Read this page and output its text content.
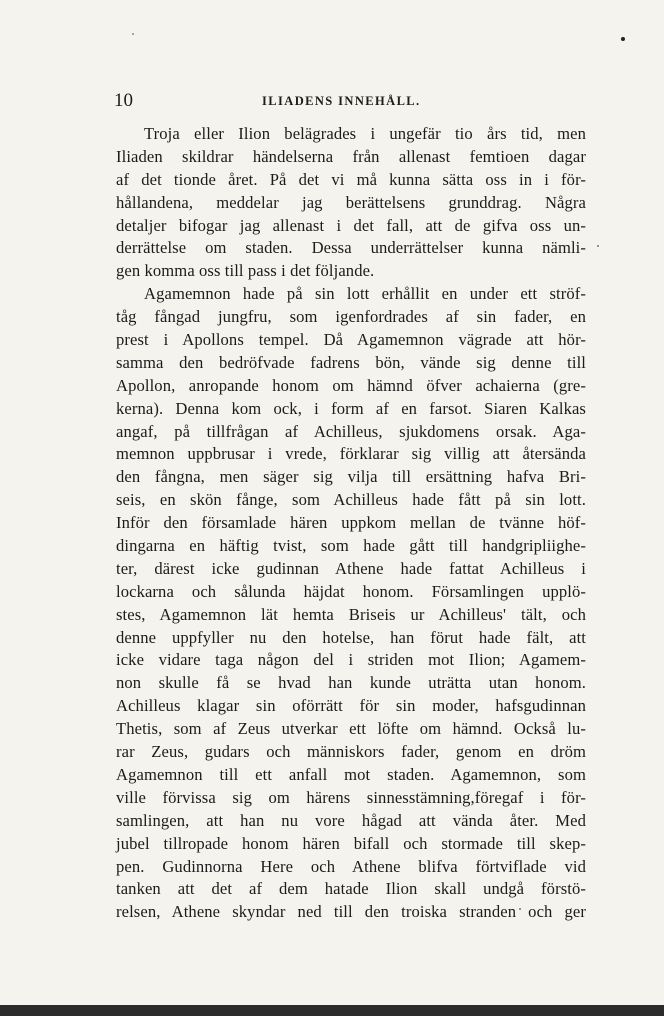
10	ILIADENS INNEHÅLL.
Troja eller Ilion belägrades i ungefär tio års tid, men
Iliaden skildrar händelserna från allenast femtioen dagar
af det tionde året. På det vi må kunna sätta oss in i för-
hållandena, meddelar jag berättelsens grunddrag. Några
detaljer bifogar jag allenast i det fall, att de gifva oss un-
derrättelse om staden. Dessa underrättelser kunna nämli-
gen komma oss till pass i det följande.
Agamemnon hade på sin lott erhållit en under ett ströf-
tåg fångad jungfru, som igenfordrades af sin fader, en
prest i Apollons tempel. Då Agamemnon vägrade att hör-
samma den bedröfvade fadrens bön, vände sig denne till
Apollon, anropande honom om hämnd öfver achaierna (gre-
kerna). Denna kom ock, i form af en farsot. Siaren Kalkas
angaf, på tillfrågan af Achilleus, sjukdomens orsak. Aga-
memnon uppbrusar i vrede, förklarar sig villig att återsända
den fångna, men säger sig vilja till ersättning hafva Bri-
seis, en skön fånge, som Achilleus hade fått på sin lott.
Inför den församlade hären uppkom mellan de tvänne höf-
dingarna en häftig tvist, som hade gått till handgripliighe-
ter, därest icke gudinnan Athene hade fattat Achilleus i
lockarna och sålunda häjdat honom. Församlingen upplö-
stes, Agamemnon lät hemta Briseis ur Achilleus' tält, och
denne uppfyller nu den hotelse, han förut hade fält, att
icke vidare taga någon del i striden mot Ilion; Agamem-
non skulle få se hvad han kunde uträtta utan honom.
Achilleus klagar sin oförrätt för sin moder, hafsgudinnan
Thetis, som af Zeus utverkar ett löfte om hämnd. Också lu-
rar Zeus, gudars och människors fader, genom en dröm
Agamemnon till ett anfall mot staden. Agamemnon, som
ville förvissa sig om härens sinnesstämning,föregaf i för-
samlingen, att han nu vore hågad att vända åter. Med
jubel tillropade honom hären bifall och stormade till skep-
pen. Gudinnorna Here och Athene blifva förtviflade vid
tanken att det af dem hatade Ilion skall undgå förstö-
relsen, Athene skyndar ned till den troiska stranden och ger
